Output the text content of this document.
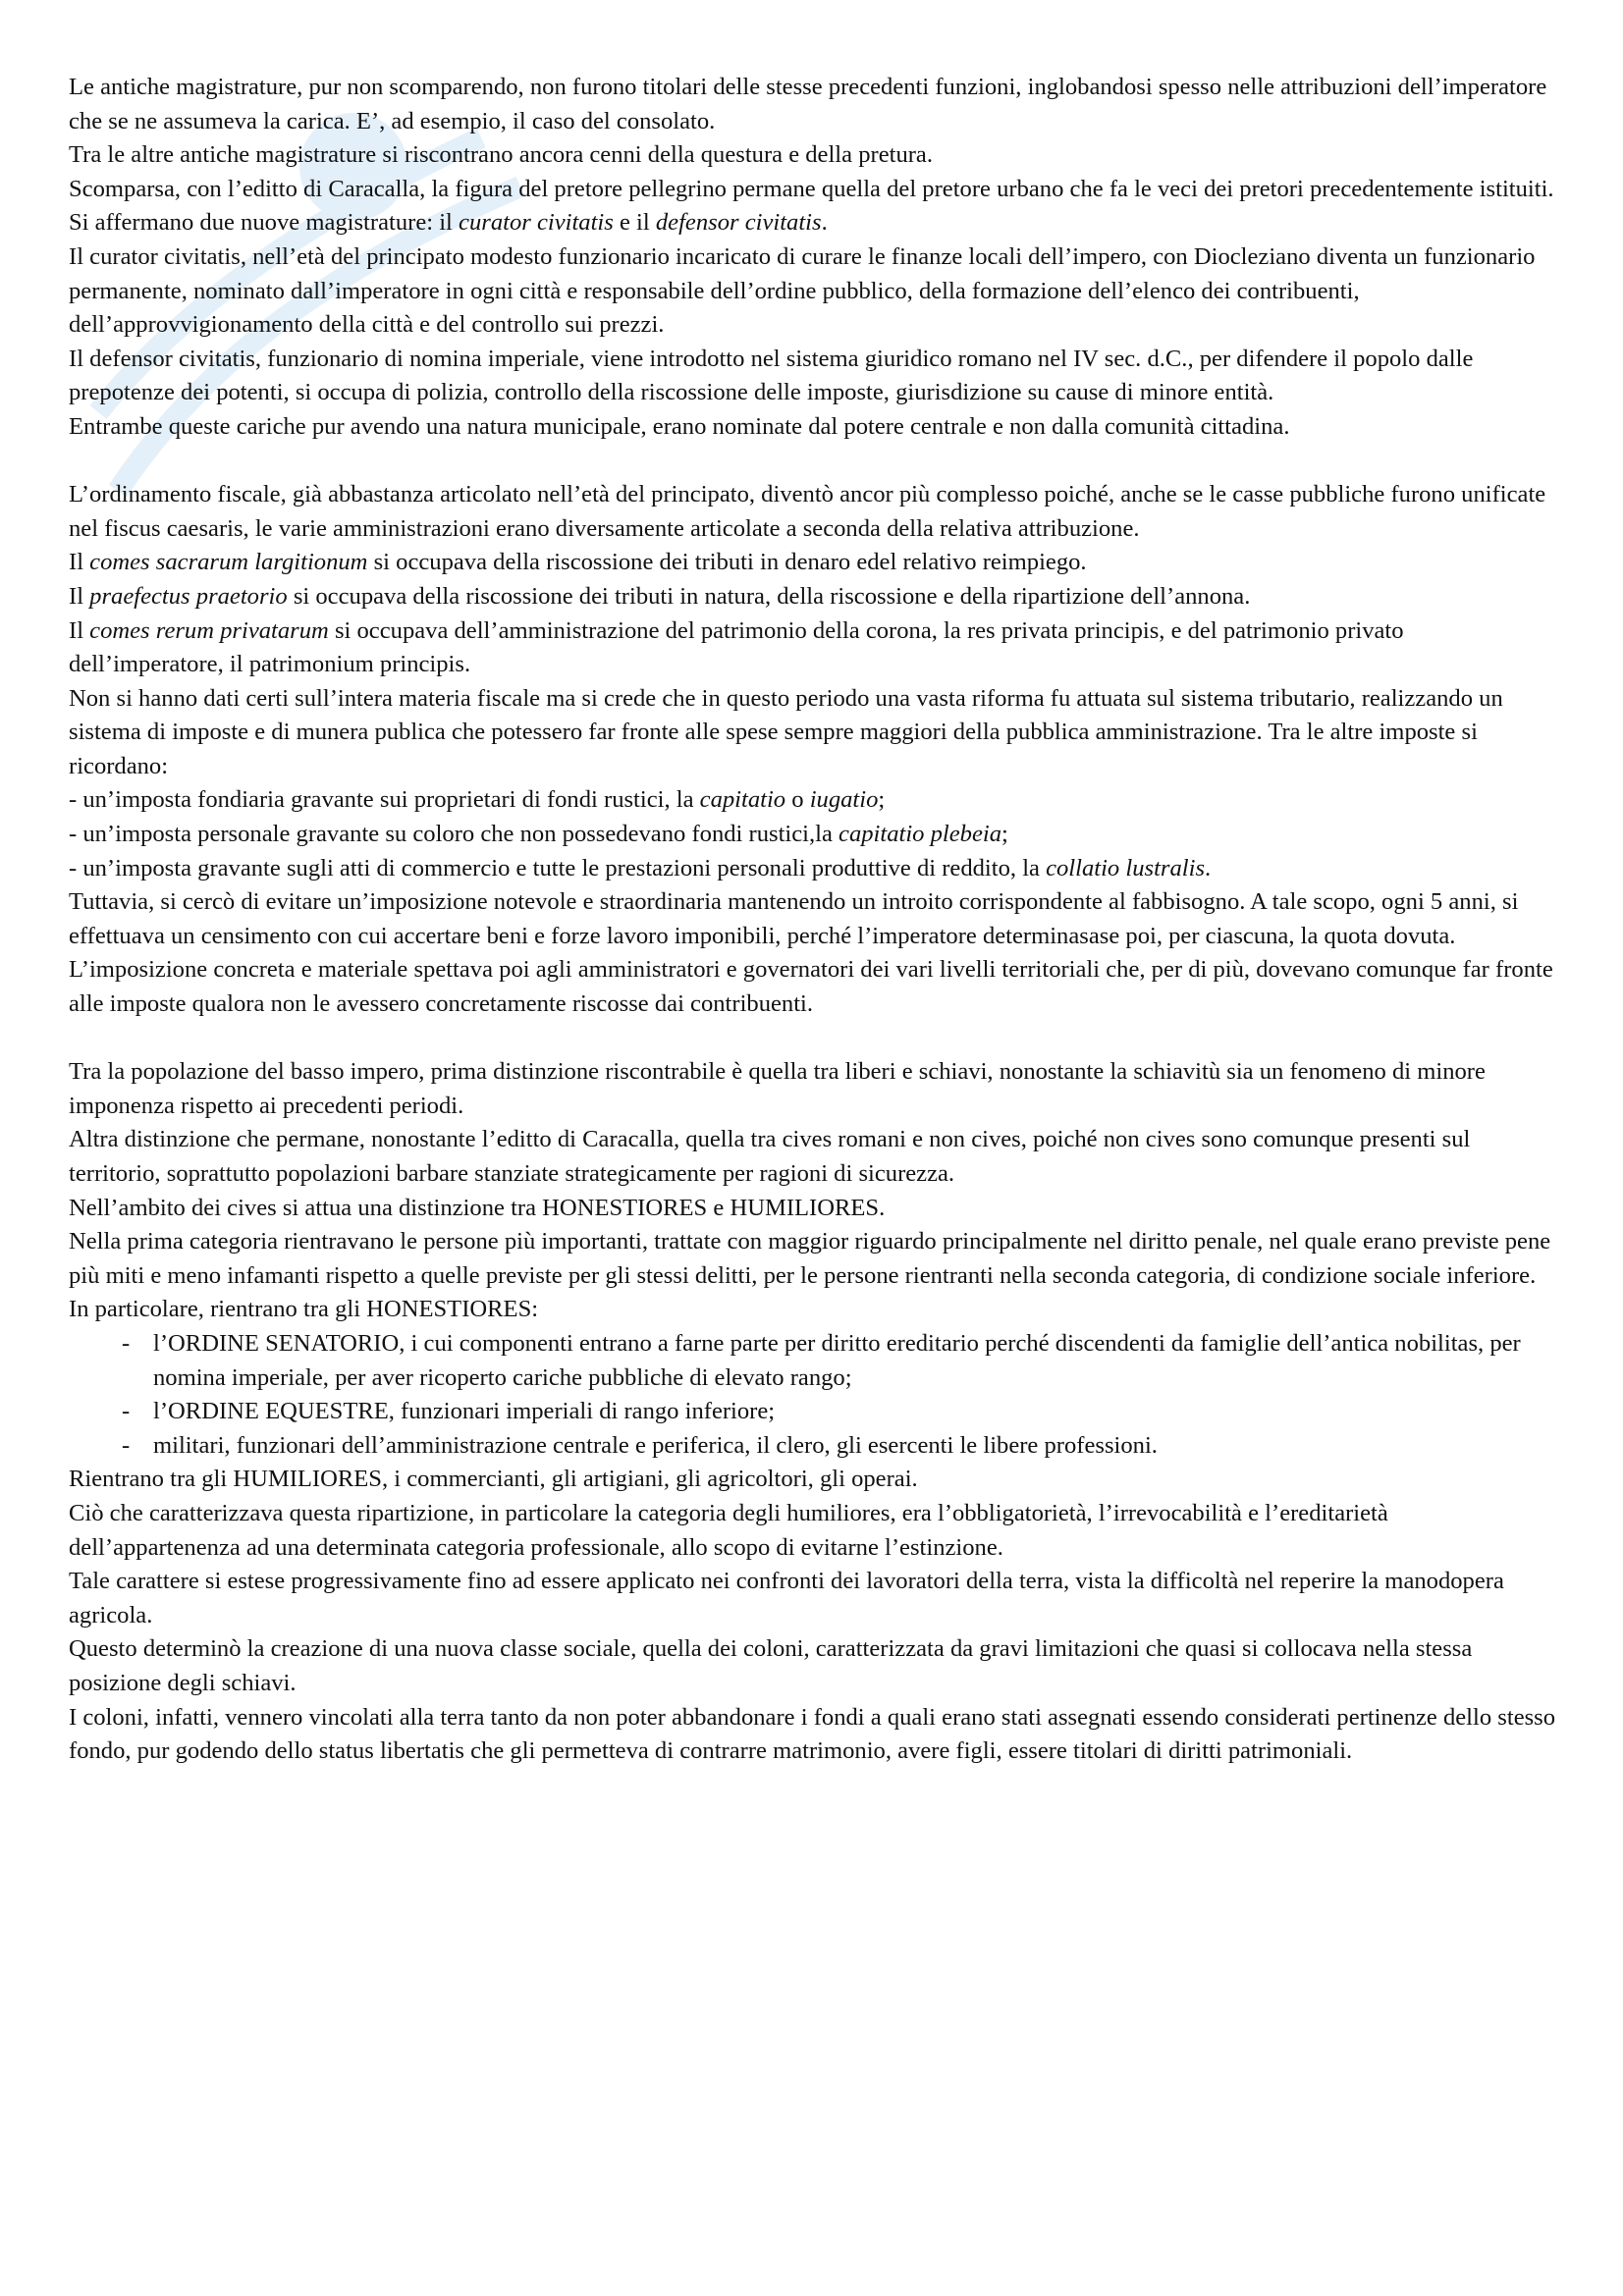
Le antiche magistrature, pur non scomparendo, non furono titolari delle stesse precedenti funzioni, inglobandosi spesso nelle attribuzioni dell’imperatore che se ne assumeva la carica. E’, ad esempio, il caso del consolato.

Tra le altre antiche magistrature si riscontrano ancora cenni della questura e della pretura.

Scomparsa, con l’editto di Caracalla, la figura del pretore pellegrino permane quella del pretore urbano che fa le veci dei pretori precedentemente istituiti.

Si affermano due nuove magistrature: il curator civitatis e il defensor civitatis.

Il curator civitatis, nell’età del principato modesto funzionario incaricato di curare le finanze locali dell’impero, con Diocleziano diventa un funzionario permanente, nominato dall’imperatore in ogni città e responsabile dell’ordine pubblico, della formazione dell’elenco dei contribuenti, dell’approvvigionamento della città e del controllo sui prezzi.

Il defensor civitatis, funzionario di nomina imperiale, viene introdotto nel sistema giuridico romano nel IV sec. d.C., per difendere il popolo dalle prepotenze dei potenti, si occupa di polizia, controllo della riscossione delle imposte, giurisdizione su cause di minore entità.

Entrambe queste cariche pur avendo una natura municipale, erano nominate dal potere centrale e non dalla comunità cittadina.

L’ordinamento fiscale, già abbastanza articolato nell’età del principato, diventò ancor più complesso poiché, anche se le casse pubbliche furono unificate nel fiscus caesaris, le varie amministrazioni erano diversamente articolate a seconda della relativa attribuzione.

Il comes sacrarum largitionum si occupava della riscossione dei tributi in denaro edel relativo reimpiego.

Il praefectus praetorio si occupava della riscossione dei tributi in natura, della riscossione e della ripartizione dell’annona.

Il comes rerum privatarum si occupava dell’amministrazione del patrimonio della corona, la res privata principis, e del patrimonio privato dell’imperatore, il patrimonium principis.

Non si hanno dati certi sull’intera materia fiscale ma si crede che in questo periodo una vasta riforma fu attuata sul sistema tributario, realizzando un sistema di imposte e di munera publica che potessero far fronte alle spese sempre maggiori della pubblica amministrazione. Tra le altre imposte si ricordano:

- un’imposta fondiaria gravante sui proprietari di fondi rustici, la capitatio o iugatio;

- un’imposta personale gravante su coloro che non possedevano fondi rustici,la capitatio plebeia;

- un’imposta gravante sugli atti di commercio e tutte le prestazioni personali produttive di reddito, la collatio lustralis.

Tuttavia, si cercò di evitare un’imposizione notevole e straordinaria mantenendo un introito corrispondente al fabbisogno. A tale scopo, ogni 5 anni, si effettuava un censimento con cui accertare beni e forze lavoro imponibili, perché l’imperatore determinasase poi, per ciascuna, la quota dovuta. L’imposizione concreta e materiale spettava poi agli amministratori e governatori dei vari livelli territoriali che, per di più, dovevano comunque far fronte alle imposte qualora non le avessero concretamente riscosse dai contribuenti.

Tra la popolazione del basso impero, prima distinzione riscontrabile è quella tra liberi e schiavi, nonostante la schiavitù sia un fenomeno di minore imponenza rispetto ai precedenti periodi.

Altra distinzione che permane, nonostante l’editto di Caracalla, quella tra cives romani e non cives, poiché non cives sono comunque presenti sul territorio, soprattutto popolazioni barbare stanziate strategicamente per ragioni di sicurezza.

Nell’ambito dei cives si attua una distinzione tra HONESTIORES e HUMILIORES.

Nella prima categoria rientravano le persone più importanti, trattate con maggior riguardo principalmente nel diritto penale, nel quale erano previste pene più miti e meno infamanti rispetto a quelle previste per gli stessi delitti, per le persone rientranti nella seconda categoria, di condizione sociale inferiore.

In particolare, rientrano tra gli HONESTIORES:

- l’ORDINE SENATORIO, i cui componenti entrano a farne parte per diritto ereditario perché discendenti da famiglie dell’antica nobilitas, per nomina imperiale, per aver ricoperto cariche pubbliche di elevato rango;
- l’ORDINE EQUESTRE, funzionari imperiali di rango inferiore;
- militari, funzionari dell’amministrazione centrale e periferica, il clero, gli esercenti le libere professioni.

Rientrano tra gli HUMILIORES, i commercianti, gli artigiani, gli agricoltori, gli operai.

Ciò che caratterizzava questa ripartizione, in particolare la categoria degli humiliores, era l’obbligatorietà, l’irrevocabilità e l’ereditarietà dell’appartenenza ad una determinata categoria professionale, allo scopo di evitarne l’estinzione.

Tale carattere si estese progressivamente fino ad essere applicato nei confronti dei lavoratori della terra, vista la difficoltà nel reperire la manodopera agricola.

Questo determinò la creazione di una nuova classe sociale, quella dei coloni, caratterizzata da gravi limitazioni che quasi si collocava nella stessa posizione degli schiavi.

I coloni, infatti, vennero vincolati alla terra tanto da non poter abbandonare i fondi a quali erano stati assegnati essendo considerati pertinenze dello stesso fondo, pur godendo dello status libertatis che gli permetteva di contrarre matrimonio, avere figli, essere titolari di diritti patrimoniali.
